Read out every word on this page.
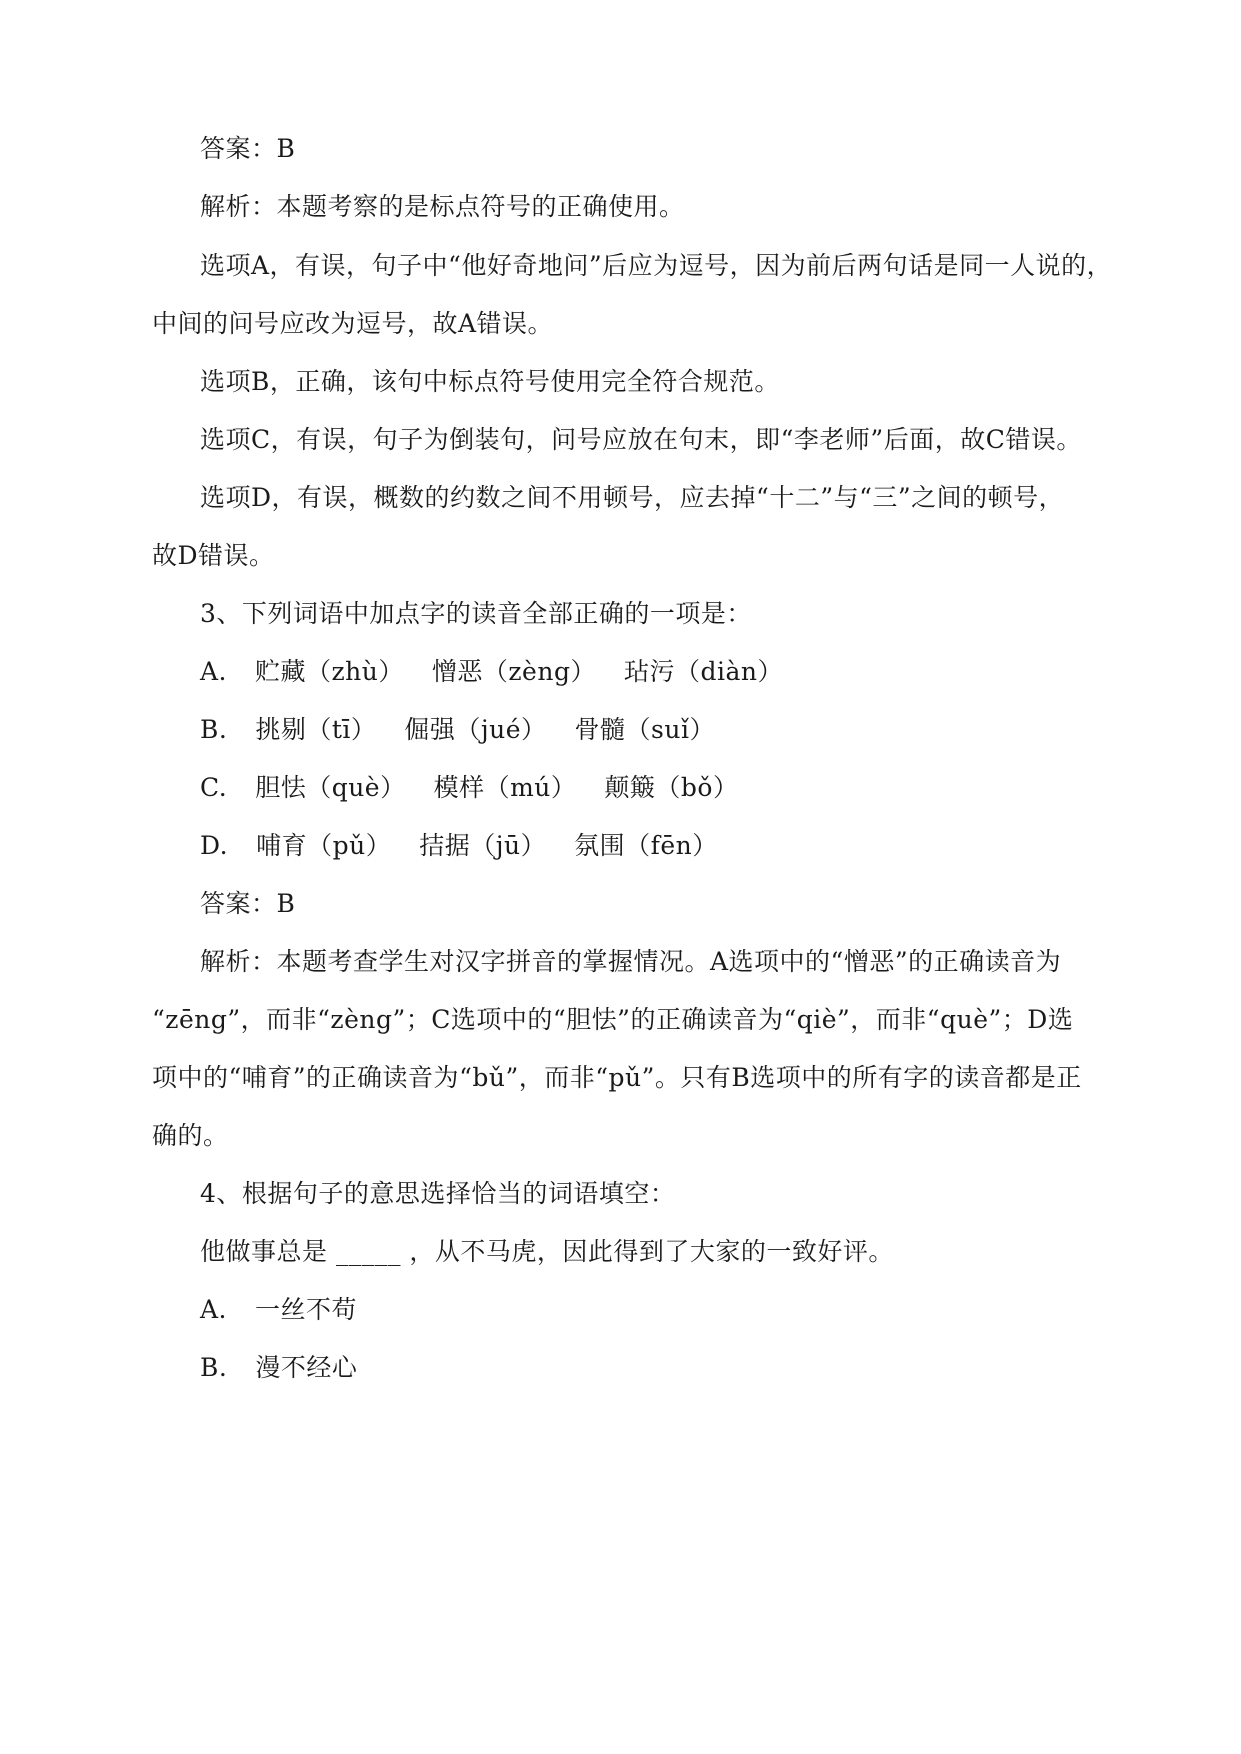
答案：B
解析：本题考察的是标点符号的正确使用。
选项A，有误，句子中“他好奇地问”后应为逗号，因为前后两句话是同一人说的，
中间的问号应改为逗号，故A错误。
选项B，正确，该句中标点符号使用完全符合规范。
选项C，有误，句子为倒装句，问号应放在句末，即“李老师”后面，故C错误。
选项D，有误，概数的约数之间不用顿号，应去掉“十二”与“三”之间的顿号，
故D错误。
3、下列词语中加点字的读音全部正确的一项是：
A. 贮藏（zhù） 憎恶（zèng） 玷污（diàn）
B. 挑剔（tī） 倔强（jué） 骨髓（suǐ）
C. 胆怯（què） 模样（mú） 颠簸（bǒ）
D. 哺育（pǔ） 拮据（jū） 氛围（fēn）
答案：B
解析：本题考查学生对汉字拼音的掌握情况。A选项中的“憎恶”的正确读音为
“zēng”，而非“zèng”；C选项中的“胆怯”的正确读音为“qiè”，而非“què”；D选
项中的“哺育”的正确读音为“bǔ”，而非“pǔ”。只有B选项中的所有字的读音都是正
确的。
4、根据句子的意思选择恰当的词语填空：
他做事总是 _____ ，从不马虎，因此得到了大家的一致好评。
A. 一丝不苟
B. 漫不经心
